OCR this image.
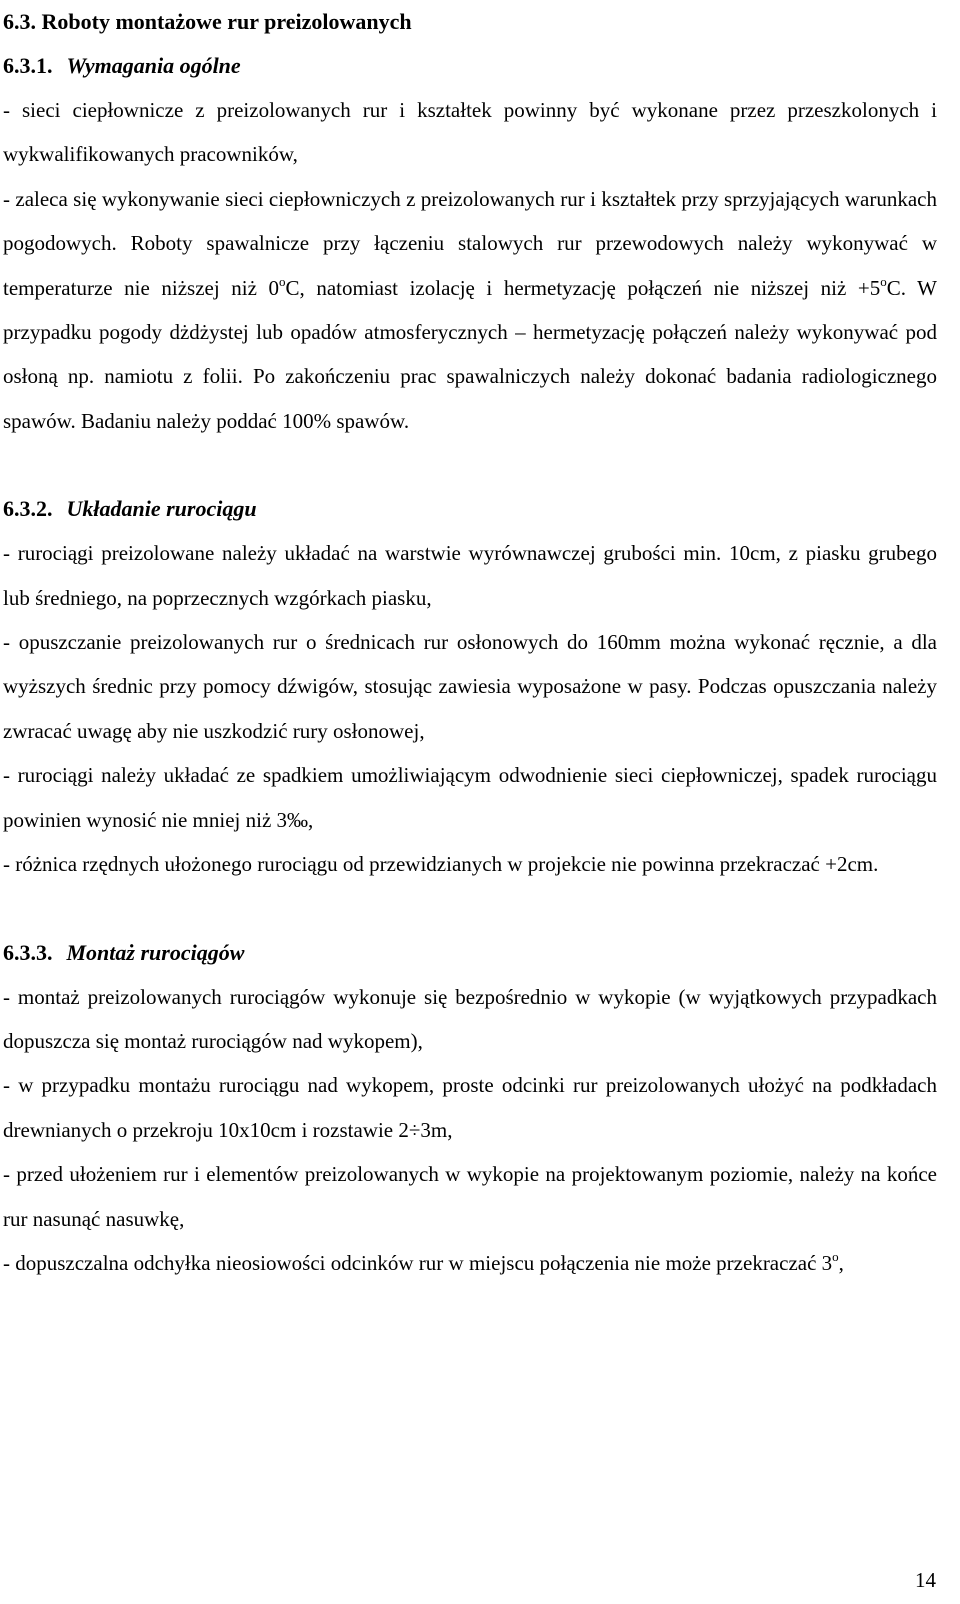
6.3. Roboty montażowe rur preizolowanych

6.3.1. Wymagania ogólne

- sieci ciepłownicze z preizolowanych rur i kształtek powinny być wykonane przez przeszkolonych i wykwalifikowanych pracowników,

- zaleca się wykonywanie sieci ciepłowniczych z preizolowanych rur i kształtek przy sprzyjających warunkach pogodowych. Roboty spawalnicze przy łączeniu stalowych rur przewodowych należy wykonywać w temperaturze nie niższej niż 0$^o$C, natomiast izolację i hermetyzację połączeń nie niższej niż $+5^oC$. W przypadku pogody dżdżystej lub opadów atmosferycznych – hermetyzację połączeń należy wykonywać pod osłoną np. namiotu z folii. Po zakończeniu prac spawalniczych należy dokonać badania radiologicznego spawów. Badaniu należy poddać 100% spawów.

6.3.2. Układanie rurociągu

- rurociągi preizolowane należy układać na warstwie wyrównawczej grubości min. 10cm, z piasku grubego lub średniego, na poprzecznych wzgórkach piasku,

- opuszczanie preizolowanych rur o średnicach rur osłonowych do 160mm można wykonać ręcznie, a dla wyższych średnic przy pomocy dźwigów, stosując zawiesia wyposażone w pasy. Podczas opuszczania należy zwracać uwagę aby nie uszkodzić rury osłonowej,

- rurociągi należy układać ze spadkiem umożliwiającym odwodnienie sieci ciepłowniczej, spadek rurociągu powinien wynosić nie mniej niż 3‰,

- różnica rzędnych ułożonego rurociągu od przewidzianych w projekcie nie powinna przekraczać +2cm.

6.3.3. Montaż rurociągów

- montaż preizolowanych rurociągów wykonuje się bezpośrednio w wykopie (w wyjątkowych przypadkach dopuszcza się montaż rurociągów nad wykopem),

- w przypadku montażu rurociągu nad wykopem, proste odcinki rur preizolowanych ułożyć na podkładach drewnianych o przekroju 10x10cm i rozstawie 2÷3m,

- przed ułożeniem rur i elementów preizolowanych w wykopie na projektowanym poziomie, należy na końce rur nasunąć nasuwkę,

- dopuszczalna odchyłka nieosiowości odcinków rur w miejscu połączenia nie może przekraczać 3$^o$,

14
